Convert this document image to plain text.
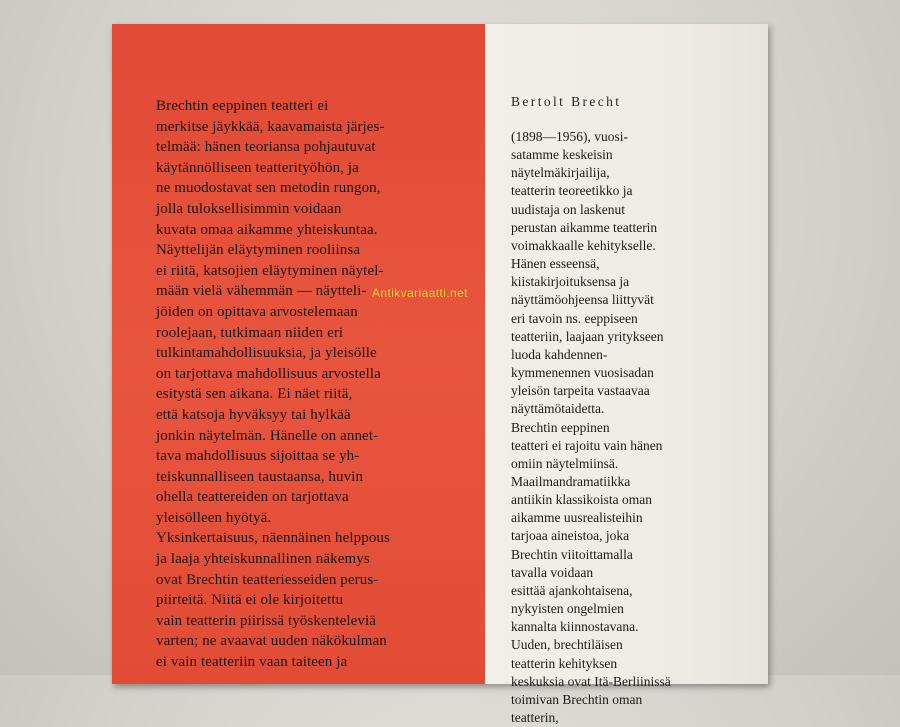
Brechtin eeppinen teatteri ei
merkitse jäykkää, kaavamaista järjes-
telmää: hänen teoriansa pohjautuvat
käytännölliseen teatterityöhön, ja
ne muodostavat sen metodin rungon,
jolla tuloksellisimmin voidaan
kuvata omaa aikamme yhteiskuntaa.
Näyttelijän eläytyminen rooliinsa
ei riitä, katsojien eläytyminen näytel-
mään vielä vähemmän — näytteli-
jöiden on opittava arvostelemaan
roolejaan, tutkimaan niiden eri
tulkintamahdollisuuksia, ja yleisölle
on tarjottava mahdollisuus arvostella
esitystä sen aikana. Ei näet riitä,
että katsoja hyväksyy tai hylkää
jonkin näytelmän. Hänelle on annet-
tava mahdollisuus sijoittaa se yh-
teiskunnalliseen taustaansa, huvin
ohella teattereiden on tarjottava
yleisölleen hyötyä.
Yksinkertaisuus, näennäinen helppous
ja laaja yhteiskunnallinen näkemys
ovat Brechtin teatteriesseiden perus-
piirteitä. Niitä ei ole kirjoitettu
vain teatterin piirissä työskenteleviä
varten; ne avaavat uuden näkökulman
ei vain teatteriin vaan taiteen ja
Bertolt Brecht
(1898—1956), vuosi-
satamme keskeisin
näytelmäkirjailija,
teatterin teoreetikko ja
uudistaja on laskenut
perustan aikamme teatterin
voimakkaalle kehitykselle.
Hänen esseensä,
kiistakirjoituksensa ja
näyttämöohjeensa liittyvät
eri tavoin ns. eeppiseen
teatteriin, laajaan yritykseen
luoda kahdennen-
kymmenennen vuosisadan
yleisön tarpeita vastaavaa
näyttämötaidetta.
Brechtin eeppinen
teatteri ei rajoitu vain hänen
omiin näytelmiinsä.
Maailmandramatiikka
antiikin klassikoista oman
aikamme uusrealisteihin
tarjoaa aineistoa, joka
Brechtin viitoittamalla
tavalla voidaan
esittää ajankohtaisena,
nykyisten ongelmien
kannalta kiinnostavana.
Uuden, brechtiläisen
teatterin kehityksen
keskuksia ovat Itä-Berliinissä
toimivan Brechtin oman
teatterin,
Antikvariaatti.net
